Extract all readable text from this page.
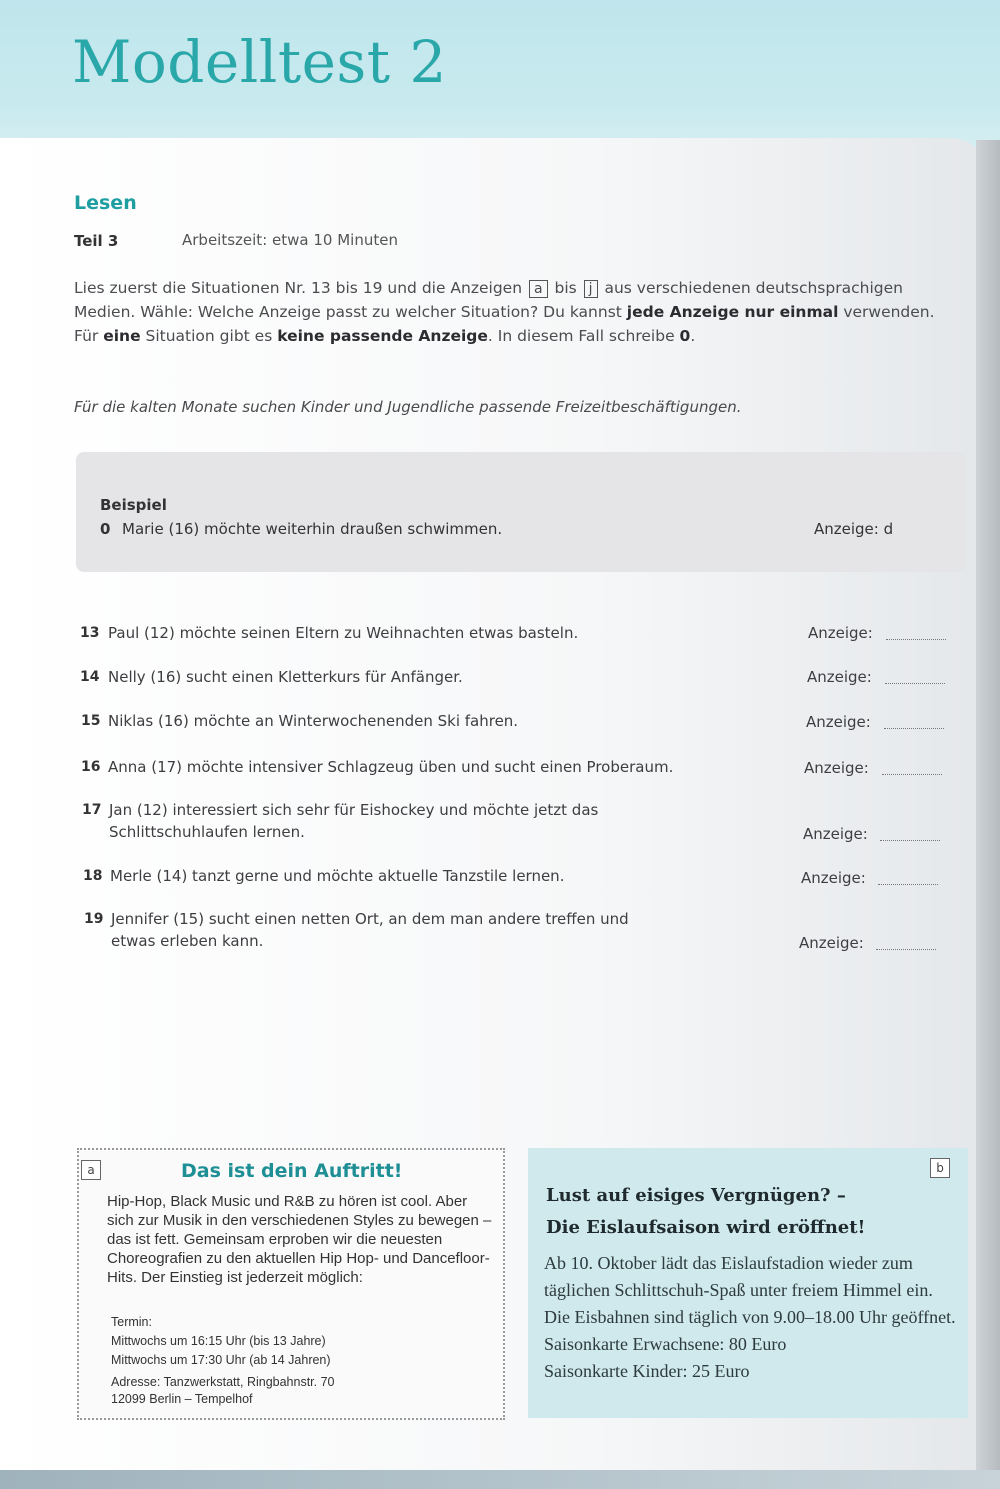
Modelltest 2
Lesen
Teil 3	Arbeitszeit: etwa 10 Minuten
Lies zuerst die Situationen Nr. 13 bis 19 und die Anzeigen a bis j aus verschiedenen deutschsprachigen Medien. Wähle: Welche Anzeige passt zu welcher Situation? Du kannst jede Anzeige nur einmal verwenden. Für eine Situation gibt es keine passende Anzeige. In diesem Fall schreibe 0.
Für die kalten Monate suchen Kinder und Jugendliche passende Freizeitbeschäftigungen.
Beispiel
0 Marie (16) möchte weiterhin draußen schwimmen.	Anzeige: d
13 Paul (12) möchte seinen Eltern zu Weihnachten etwas basteln.	Anzeige:
14 Nelly (16) sucht einen Kletterkurs für Anfänger.	Anzeige:
15 Niklas (16) möchte an Winterwochenenden Ski fahren.	Anzeige:
16 Anna (17) möchte intensiver Schlagzeug üben und sucht einen Proberaum.	Anzeige:
17 Jan (12) interessiert sich sehr für Eishockey und möchte jetzt das Schlittschuhlaufen lernen.	Anzeige:
18 Merle (14) tanzt gerne und möchte aktuelle Tanzstile lernen.	Anzeige:
19 Jennifer (15) sucht einen netten Ort, an dem man andere treffen und etwas erleben kann.	Anzeige:
a	Das ist dein Auftritt!
Hip-Hop, Black Music und R&B zu hören ist cool. Aber sich zur Musik in den verschiedenen Styles zu bewegen – das ist fett. Gemeinsam erproben wir die neuesten Choreografien zu den aktuellen Hip Hop- und Dancefloor-Hits. Der Einstieg ist jederzeit möglich:
Termin:
Mittwochs um 16:15 Uhr (bis 13 Jahre)
Mittwochs um 17:30 Uhr (ab 14 Jahren)
Adresse: Tanzwerkstatt, Ringbahnstr. 70
12099 Berlin – Tempelhof
b
Lust auf eisiges Vergnügen? –
Die Eislaufsaison wird eröffnet!
Ab 10. Oktober lädt das Eislaufstadion wieder zum täglichen Schlittschuh-Spaß unter freiem Himmel ein. Die Eisbahnen sind täglich von 9.00–18.00 Uhr geöffnet.
Saisonkarte Erwachsene: 80 Euro
Saisonkarte Kinder: 25 Euro
